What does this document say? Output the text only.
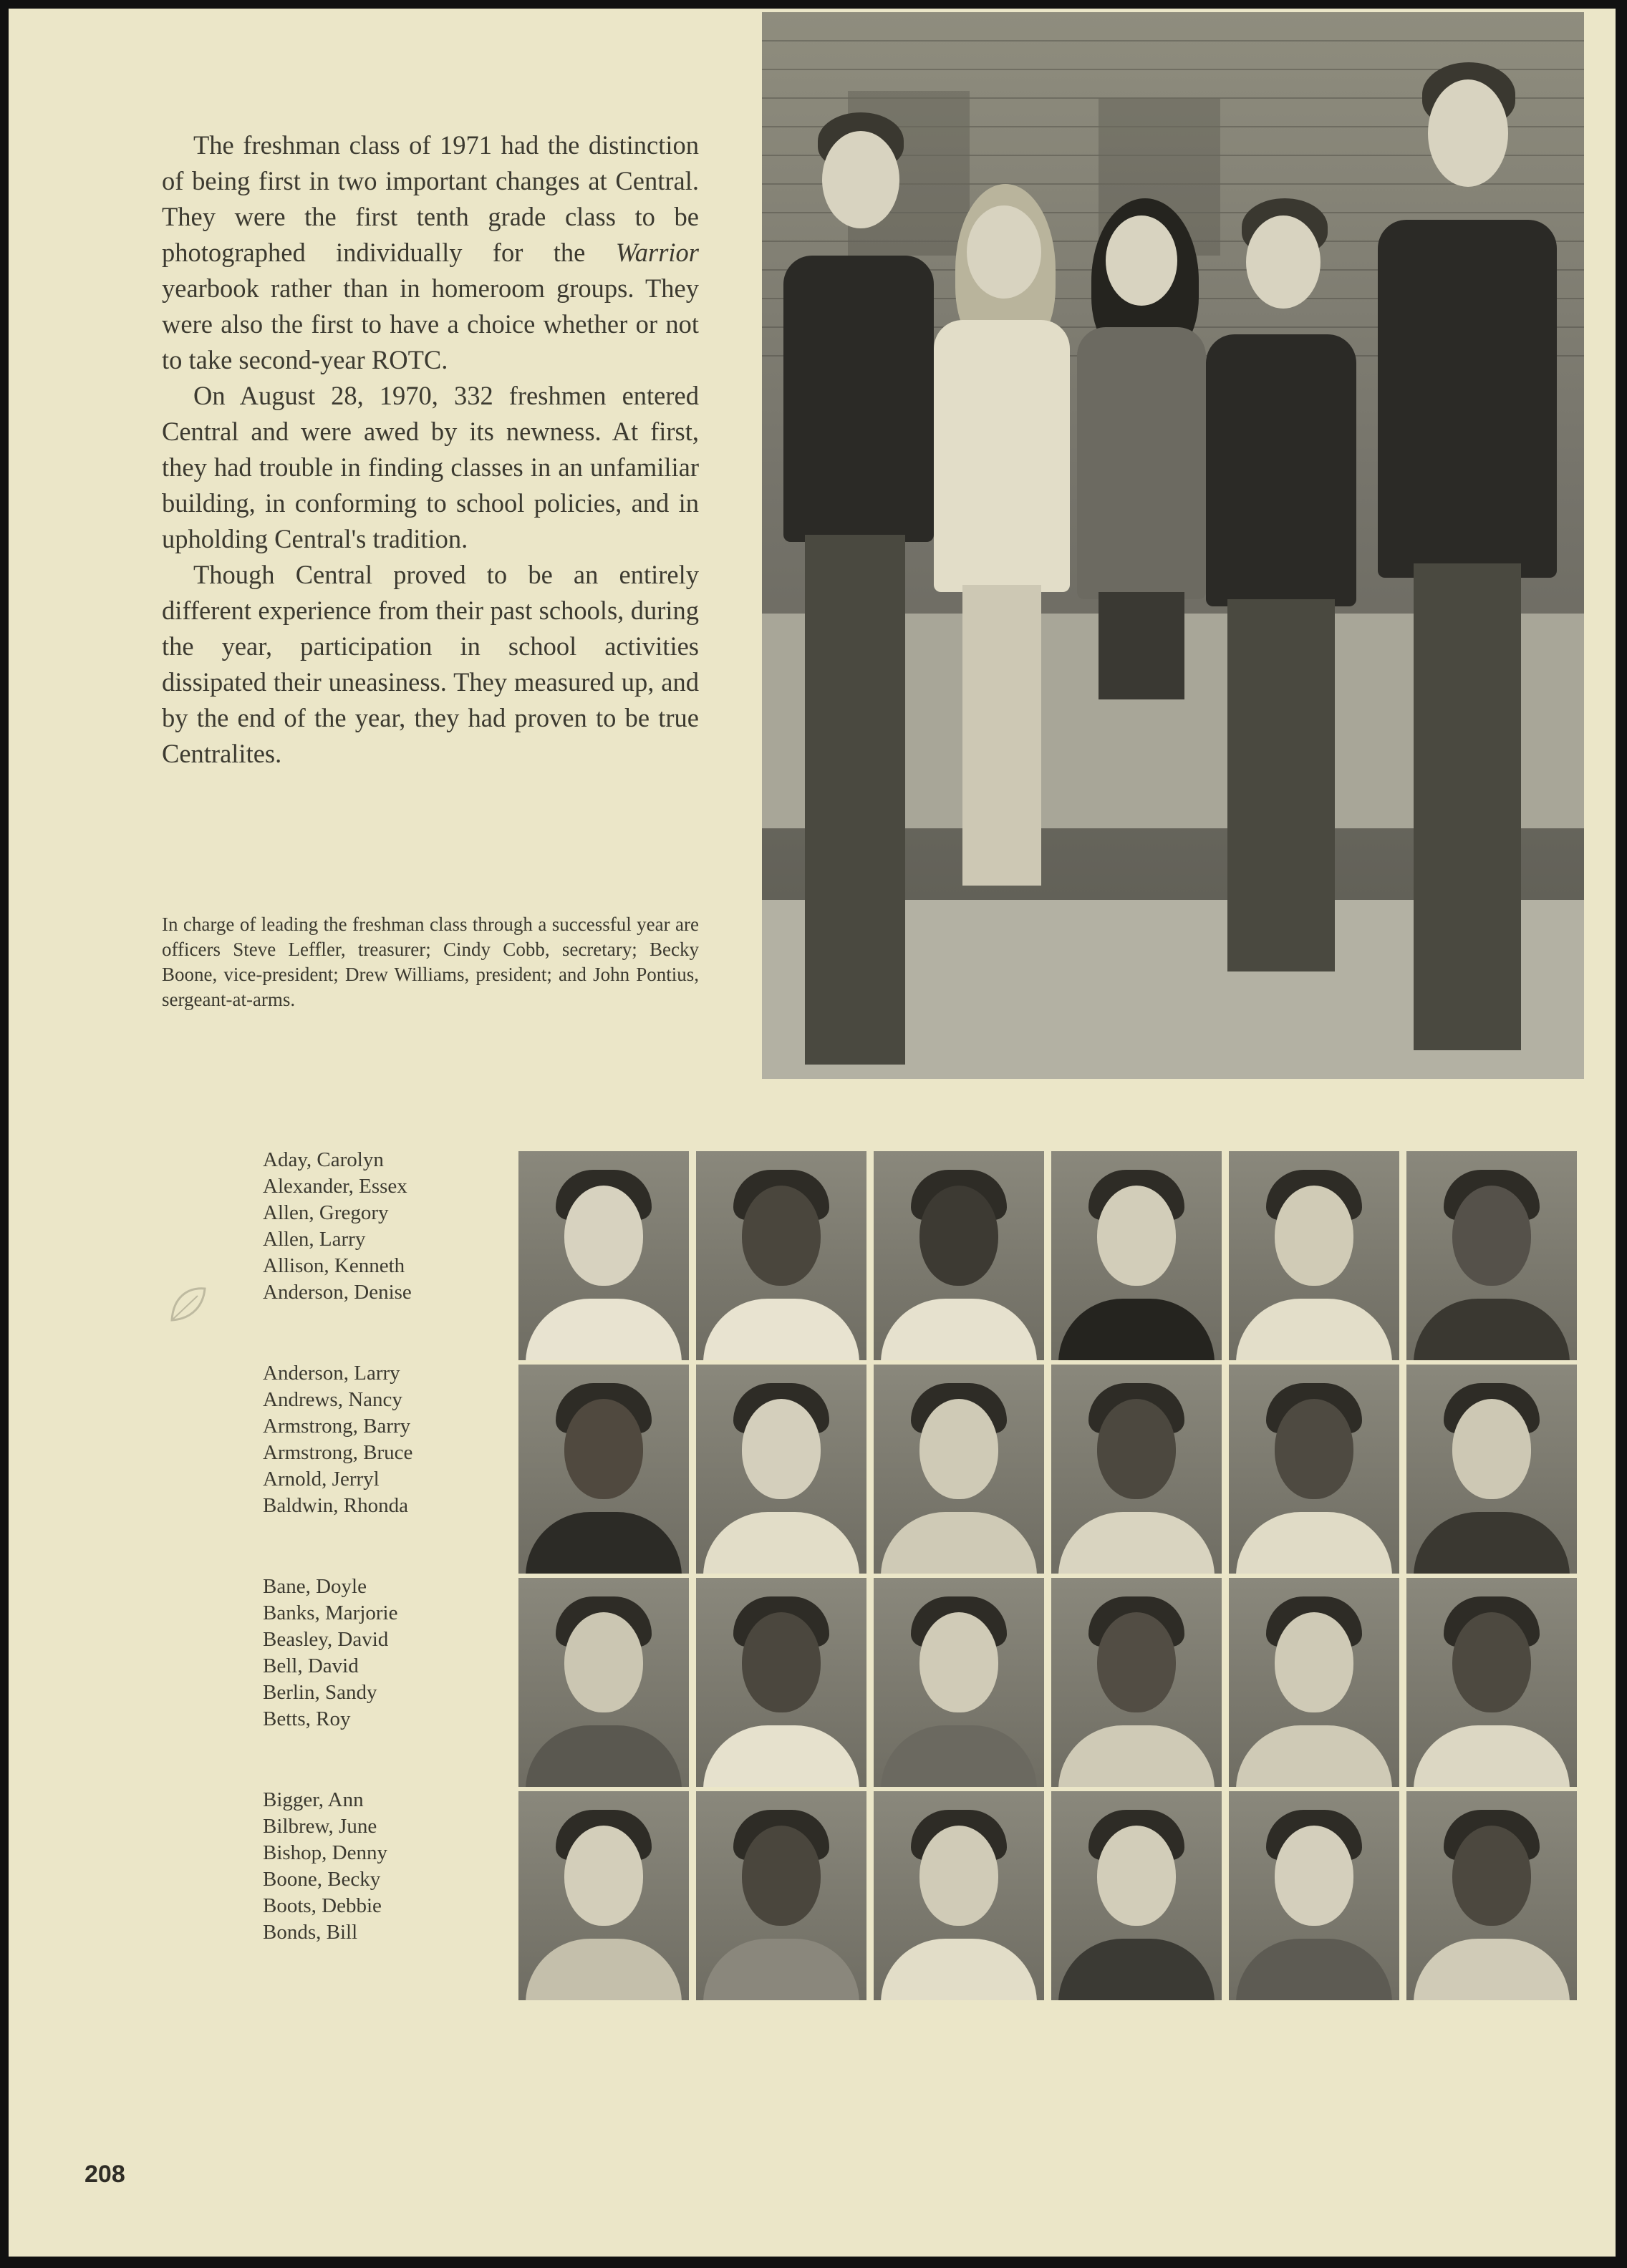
The freshman class of 1971 had the distinction of being first in two important changes at Central. They were the first tenth grade class to be photographed individually for the Warrior yearbook rather than in homeroom groups. They were also the first to have a choice whether or not to take second-year ROTC.

On August 28, 1970, 332 freshmen entered Central and were awed by its newness. At first, they had trouble in finding classes in an unfamiliar building, in conforming to school policies, and in upholding Central's tradition.

Though Central proved to be an entirely different experience from their past schools, during the year, participation in school activities dissipated their uneasiness. They measured up, and by the end of the year, they had proven to be true Centralites.

In charge of leading the freshman class through a successful year are officers Steve Leffler, treasurer; Cindy Cobb, secretary; Becky Boone, vice-president; Drew Williams, president; and John Pontius, sergeant-at-arms.
Aday, Carolyn
Alexander, Essex
Allen, Gregory
Allen, Larry
Allison, Kenneth
Anderson, Denise
Anderson, Larry
Andrews, Nancy
Armstrong, Barry
Armstrong, Bruce
Arnold, Jerryl
Baldwin, Rhonda
Bane, Doyle
Banks, Marjorie
Beasley, David
Bell, David
Berlin, Sandy
Betts, Roy
Bigger, Ann
Bilbrew, June
Bishop, Denny
Boone, Becky
Boots, Debbie
Bonds, Bill
208
